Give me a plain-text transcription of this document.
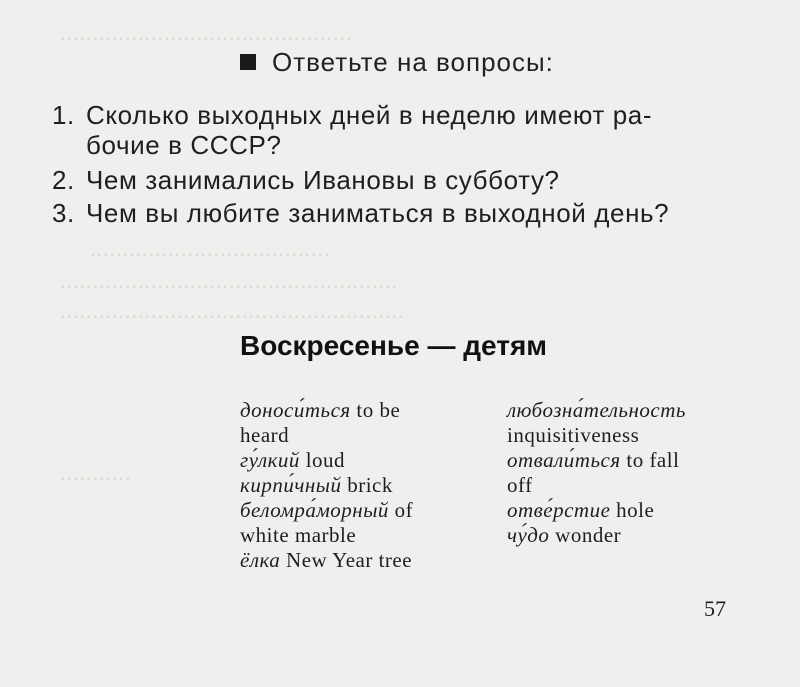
.............................................
.....................................
....................................................
.....................................................
...........
Ответьте на вопросы:
1. Сколько выходных дней в неделю имеют ра-
бочие в СССР?
2. Чем занимались Ивановы в субботу?
3. Чем вы любите заниматься в выходной день?
Воскресенье — детям
доноси́ться to be
heard
гу́лкий loud
кирпи́чный brick
беломра́морный of
white marble
ёлка New Year tree
любозна́тельность
inquisitiveness
отвали́ться to fall
off
отве́рстие hole
чу́до wonder
57
